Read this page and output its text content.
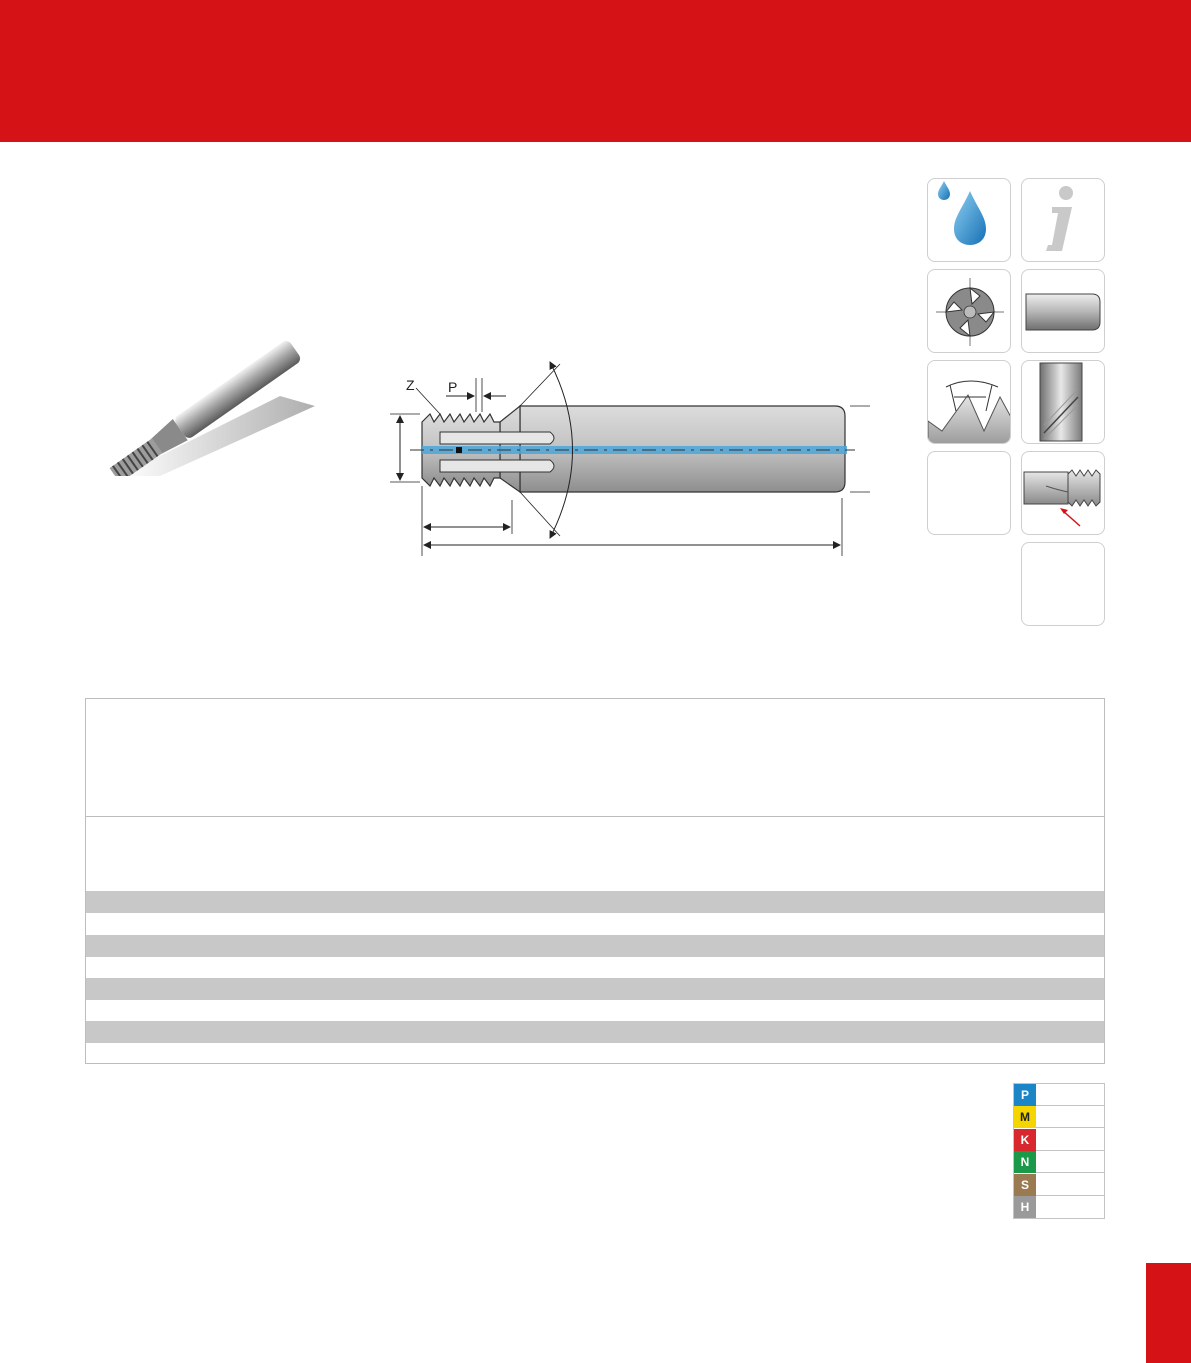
Z P
P
M
K
N
S
H
